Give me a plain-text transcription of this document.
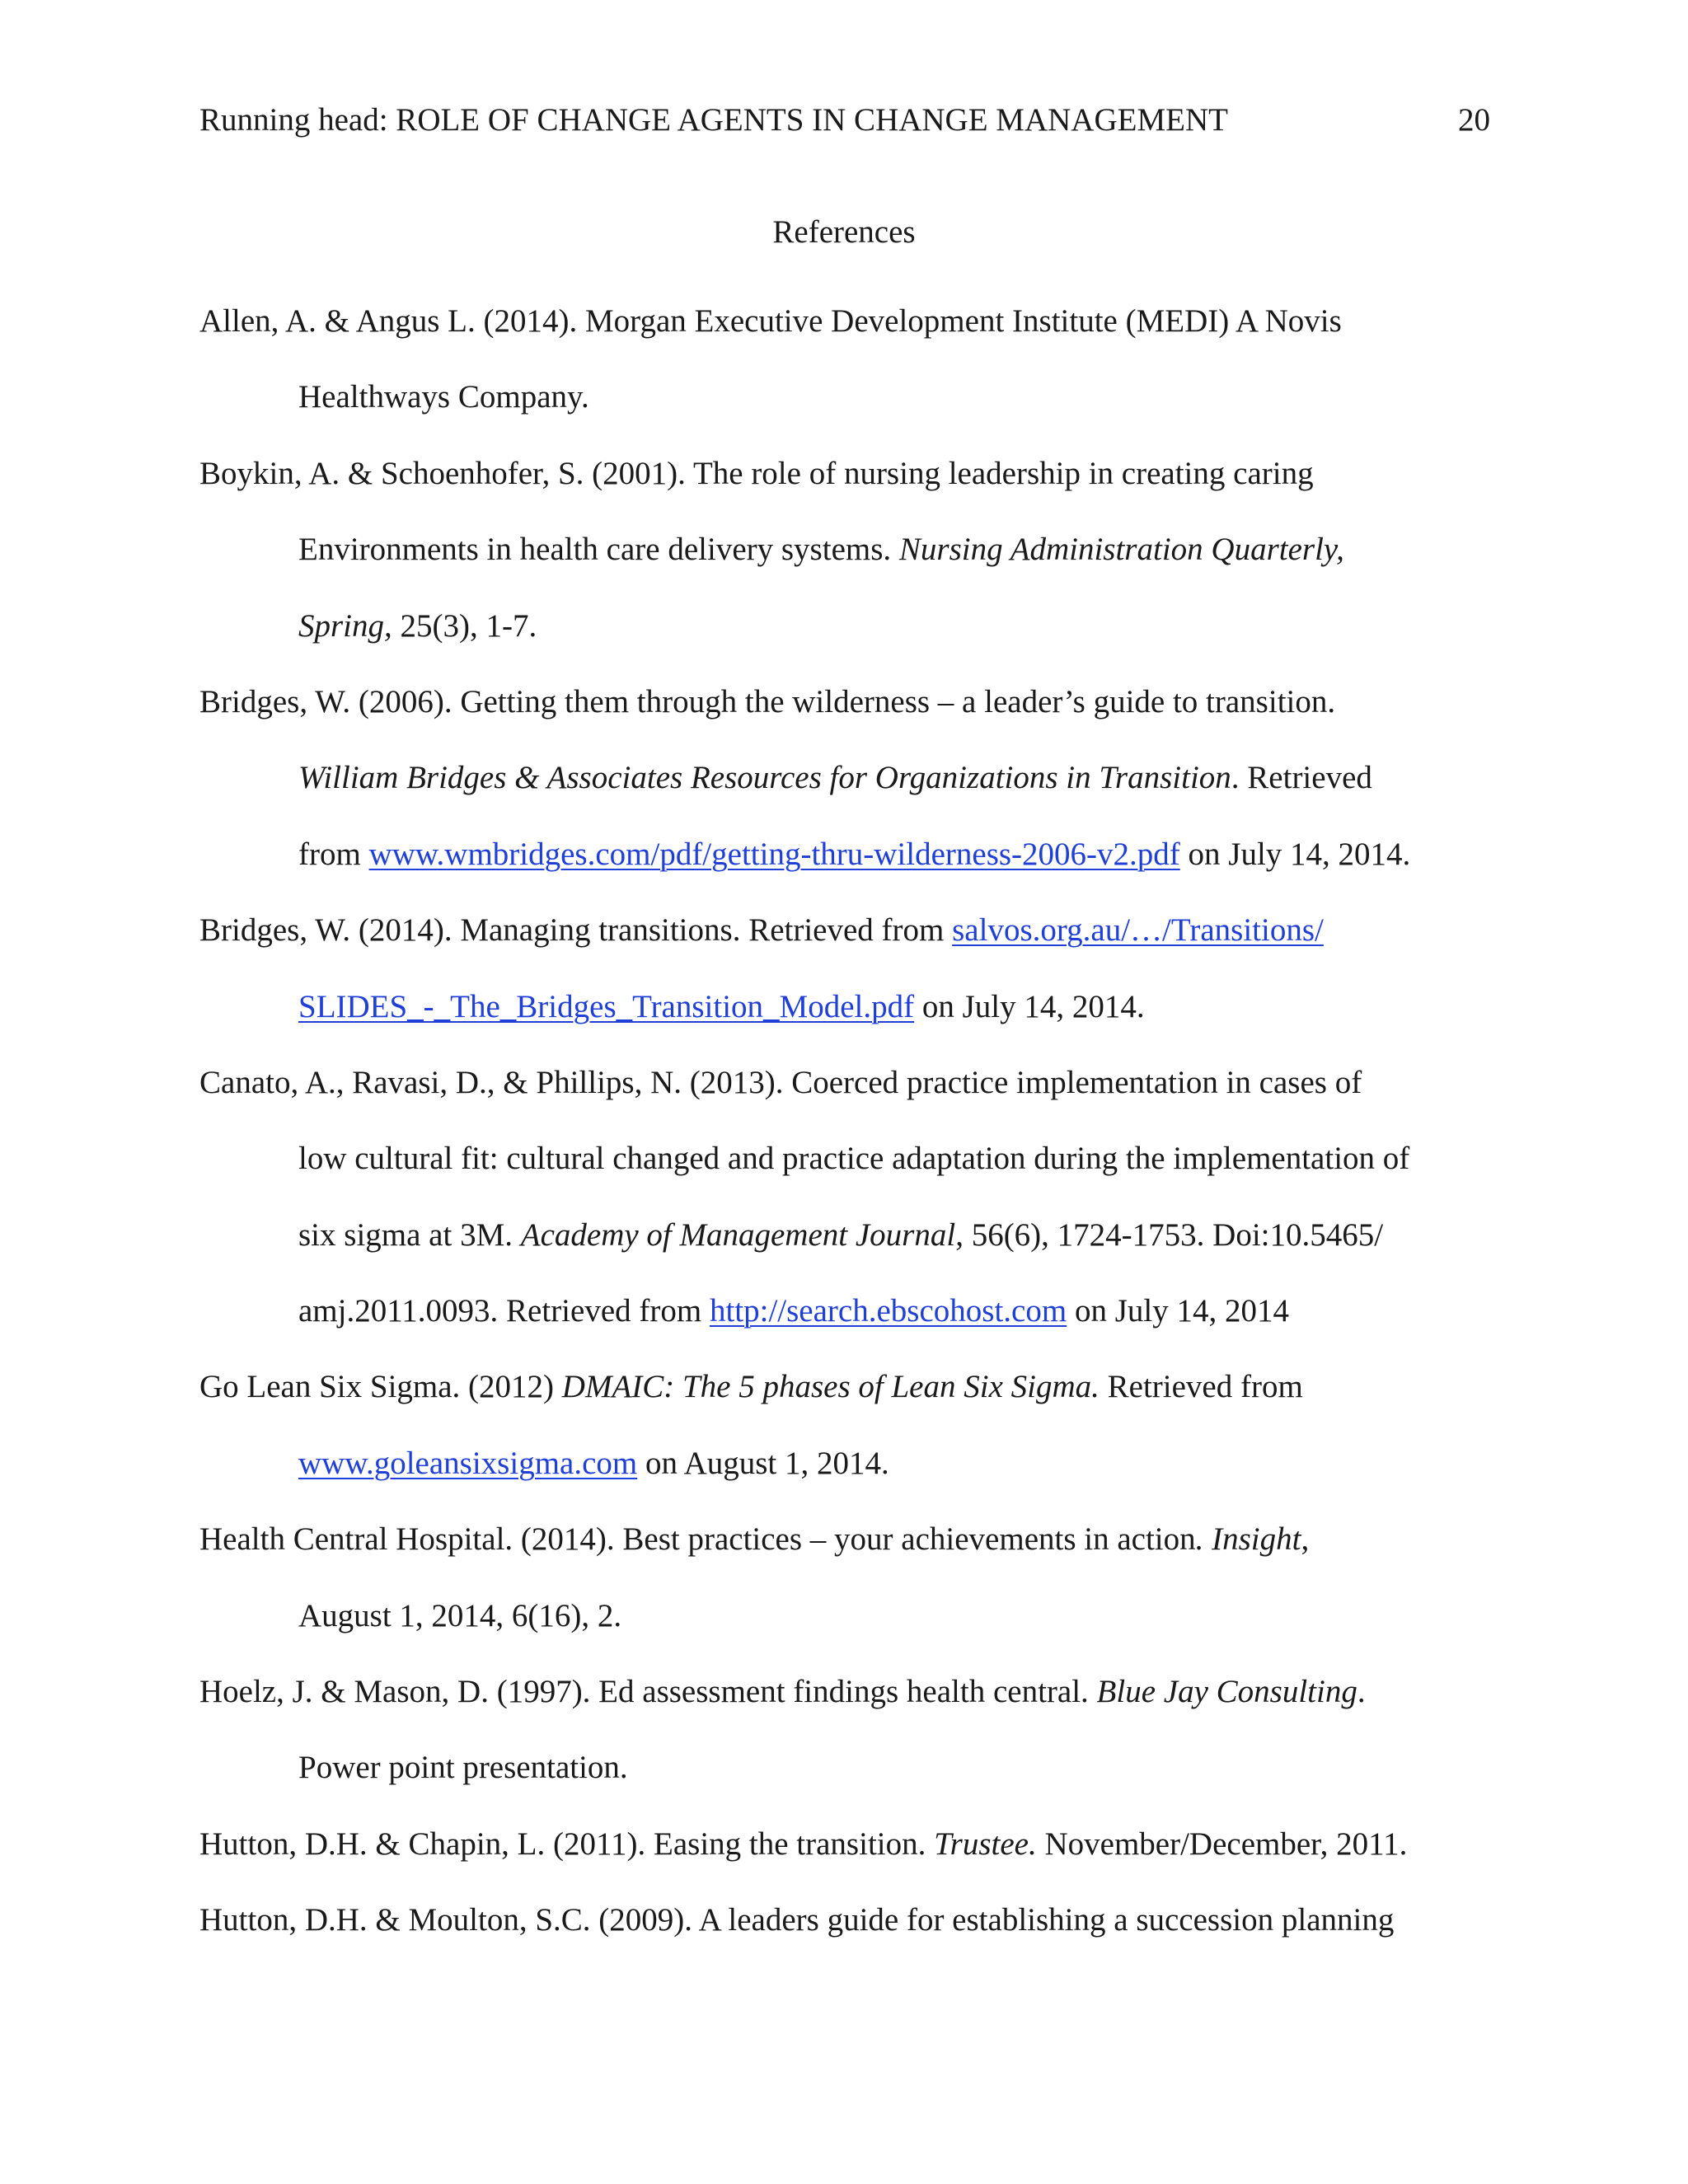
Running head: ROLE OF CHANGE AGENTS IN CHANGE MANAGEMENT	20
References
Allen, A. & Angus L. (2014). Morgan Executive Development Institute (MEDI) A Novis
Healthways Company.
Boykin, A. & Schoenhofer, S. (2001). The role of nursing leadership in creating caring
Environments in health care delivery systems. Nursing Administration Quarterly,
Spring, 25(3), 1-7.
Bridges, W. (2006). Getting them through the wilderness – a leader’s guide to transition.
William Bridges & Associates Resources for Organizations in Transition. Retrieved
from www.wmbridges.com/pdf/getting-thru-wilderness-2006-v2.pdf on July 14, 2014.
Bridges, W. (2014). Managing transitions. Retrieved from salvos.org.au/…/Transitions/
SLIDES_-_The_Bridges_Transition_Model.pdf on July 14, 2014.
Canato, A., Ravasi, D., & Phillips, N. (2013). Coerced practice implementation in cases of
low cultural fit: cultural changed and practice adaptation during the implementation of
six sigma at 3M. Academy of Management Journal, 56(6), 1724-1753. Doi:10.5465/
amj.2011.0093. Retrieved from http://search.ebscohost.com on July 14, 2014
Go Lean Six Sigma. (2012) DMAIC: The 5 phases of Lean Six Sigma. Retrieved from
www.goleansixsigma.com on August 1, 2014.
Health Central Hospital. (2014). Best practices – your achievements in action. Insight,
August 1, 2014, 6(16), 2.
Hoelz, J. & Mason, D. (1997). Ed assessment findings health central. Blue Jay Consulting.
Power point presentation.
Hutton, D.H. & Chapin, L. (2011). Easing the transition. Trustee. November/December, 2011.
Hutton, D.H. & Moulton, S.C. (2009). A leaders guide for establishing a succession planning
